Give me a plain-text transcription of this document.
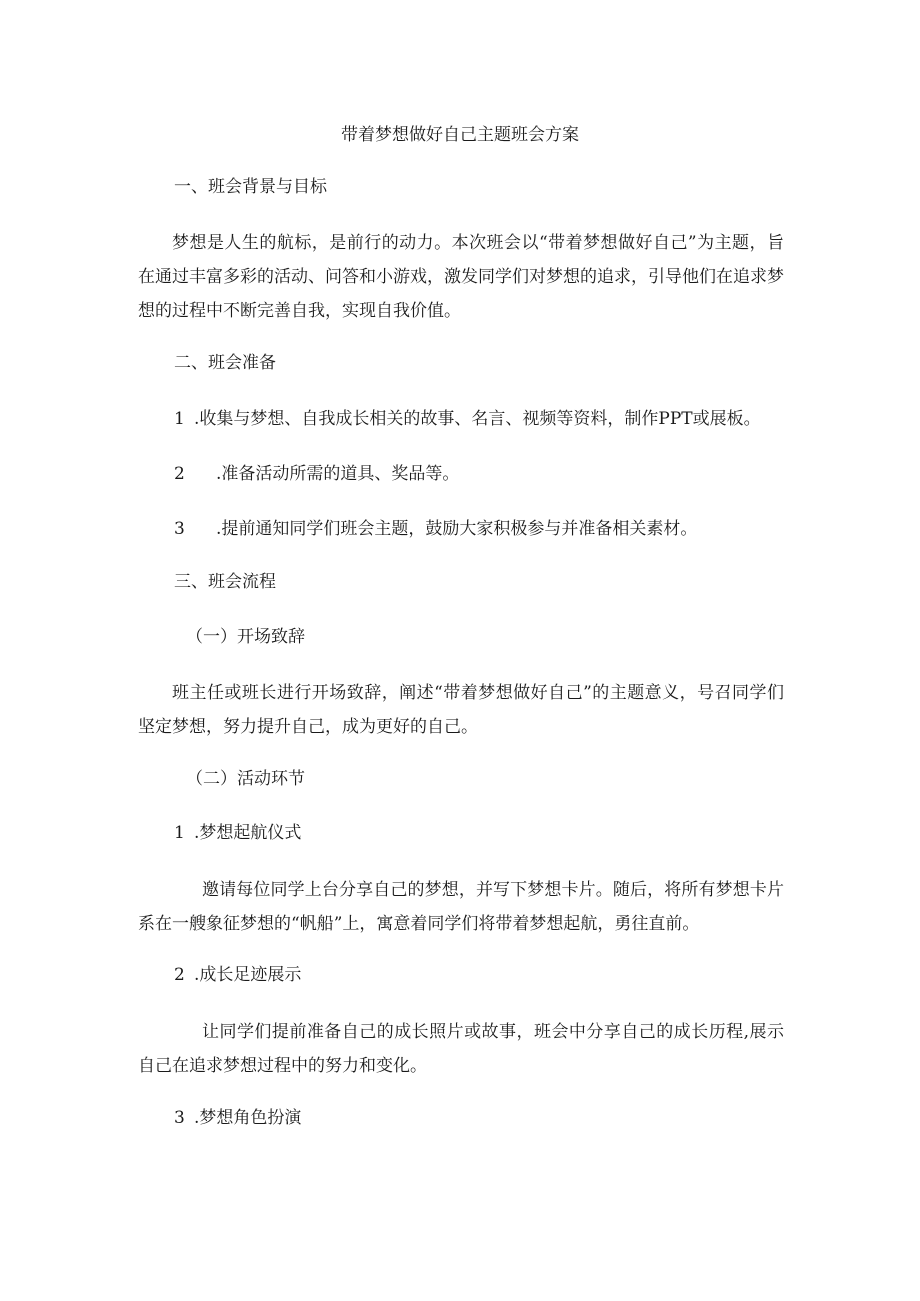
带着梦想做好自己主题班会方案
一、班会背景与目标
梦想是人生的航标，是前行的动力。本次班会以“带着梦想做好自己”为主题，旨在通过丰富多彩的活动、问答和小游戏，激发同学们对梦想的追求，引导他们在追求梦想的过程中不断完善自我，实现自我价值。
二、班会准备
1 .收集与梦想、自我成长相关的故事、名言、视频等资料，制作PPT或展板。
2 .准备活动所需的道具、奖品等。
3 .提前通知同学们班会主题，鼓励大家积极参与并准备相关素材。
三、班会流程
（一）开场致辞
班主任或班长进行开场致辞，阐述“带着梦想做好自己”的主题意义，号召同学们坚定梦想，努力提升自己，成为更好的自己。
（二）活动环节
1 .梦想起航仪式
邀请每位同学上台分享自己的梦想，并写下梦想卡片。随后，将所有梦想卡片系在一艘象征梦想的“帆船”上，寓意着同学们将带着梦想起航，勇往直前。
2 .成长足迹展示
让同学们提前准备自己的成长照片或故事，班会中分享自己的成长历程,展示自己在追求梦想过程中的努力和变化。
3 .梦想角色扮演
